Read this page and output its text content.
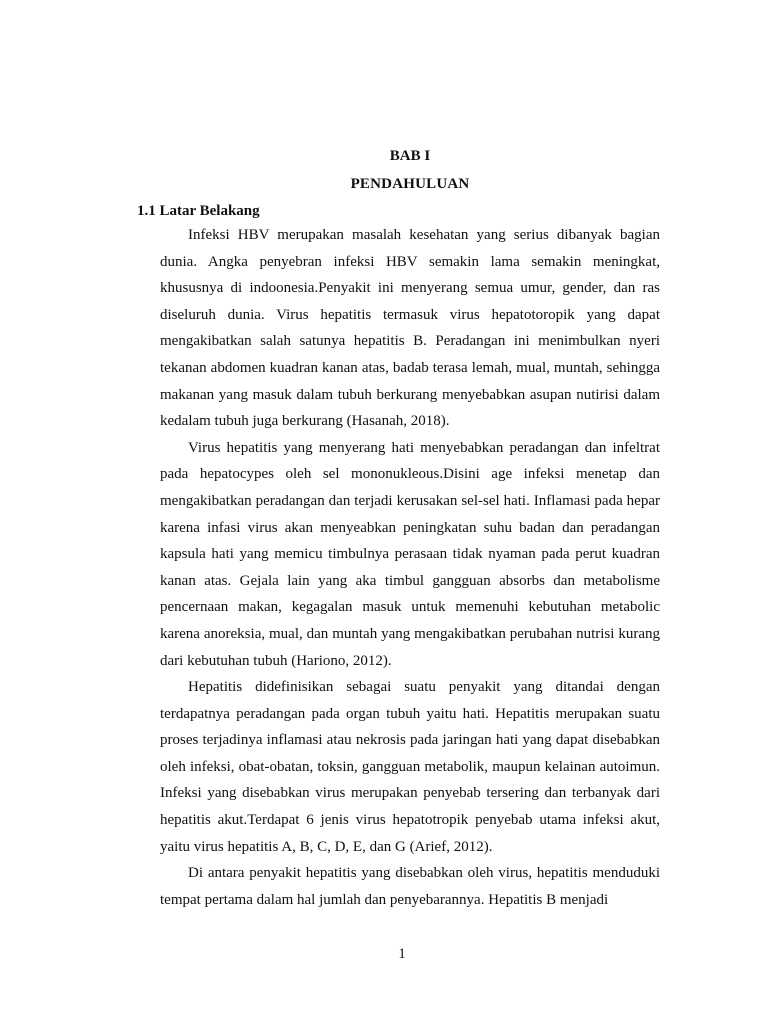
BAB I
PENDAHULUAN
1.1 Latar Belakang

Infeksi HBV merupakan masalah kesehatan yang serius dibanyak bagian dunia. Angka penyebran infeksi HBV semakin lama semakin meningkat, khususnya di indoonesia.Penyakit ini menyerang semua umur, gender, dan ras diseluruh dunia. Virus hepatitis termasuk virus hepatotoropik yang dapat mengakibatkan salah satunya hepatitis B. Peradangan ini menimbulkan nyeri tekanan abdomen kuadran kanan atas, badab terasa lemah, mual, muntah, sehingga makanan yang masuk dalam tubuh berkurang menyebabkan asupan nutirisi dalam kedalam tubuh juga berkurang (Hasanah, 2018).

Virus hepatitis yang menyerang hati menyebabkan peradangan dan infeltrat pada hepatocypes oleh sel mononukleous.Disini age infeksi menetap dan mengakibatkan peradangan dan terjadi kerusakan sel-sel hati. Inflamasi pada hepar karena infasi virus akan menyeabkan peningkatan suhu badan dan peradangan kapsula hati yang memicu timbulnya perasaan tidak nyaman pada perut kuadran kanan atas. Gejala lain yang aka timbul gangguan absorbs dan metabolisme pencernaan makan, kegagalan masuk untuk memenuhi kebutuhan metabolic karena anoreksia, mual, dan muntah yang mengakibatkan perubahan nutrisi kurang dari kebutuhan tubuh (Hariono, 2012).

Hepatitis didefinisikan sebagai suatu penyakit yang ditandai dengan terdapatnya peradangan pada organ tubuh yaitu hati. Hepatitis merupakan suatu proses terjadinya inflamasi atau nekrosis pada jaringan hati yang dapat disebabkan oleh infeksi, obat-obatan, toksin, gangguan metabolik, maupun kelainan autoimun. Infeksi yang disebabkan virus merupakan penyebab tersering dan terbanyak dari hepatitis akut.Terdapat 6 jenis virus hepatotropik penyebab utama infeksi akut, yaitu virus hepatitis A, B, C, D, E, dan G (Arief, 2012).

Di antara penyakit hepatitis yang disebabkan oleh virus, hepatitis menduduki tempat pertama dalam hal jumlah dan penyebarannya. Hepatitis B menjadi

1
